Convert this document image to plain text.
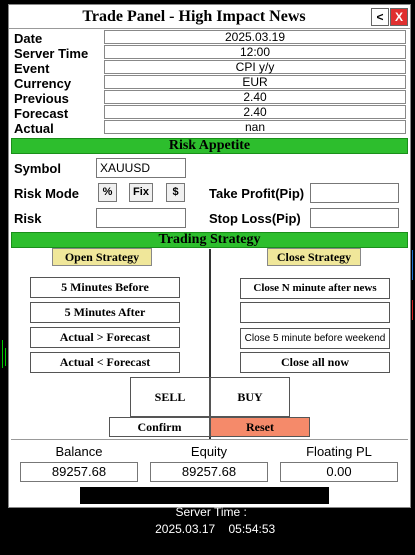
Trade Panel - High Impact News	< X
Date	2025.03.19
Server Time	12:00
Event	CPI y/y
Currency	EUR
Previous	2.40
Forecast	2.40
Actual	nan
Risk Appetite
Symbol	XAUUSD
Risk Mode	%	Fix	$	Take Profit(Pip)
Risk	Stop Loss(Pip)
Trading Strategy
Open Strategy	Close Strategy
5 Minutes Before
5 Minutes After
Actual > Forecast
Actual < Forecast
Close N minute after news
Close 5 minute before weekend
Close all now
SELL	BUY
Confirm	Reset
Balance
89257.68
Equity
89257.68
Floating PL
0.00

Server Time :
2025.03.17    05:54:53
